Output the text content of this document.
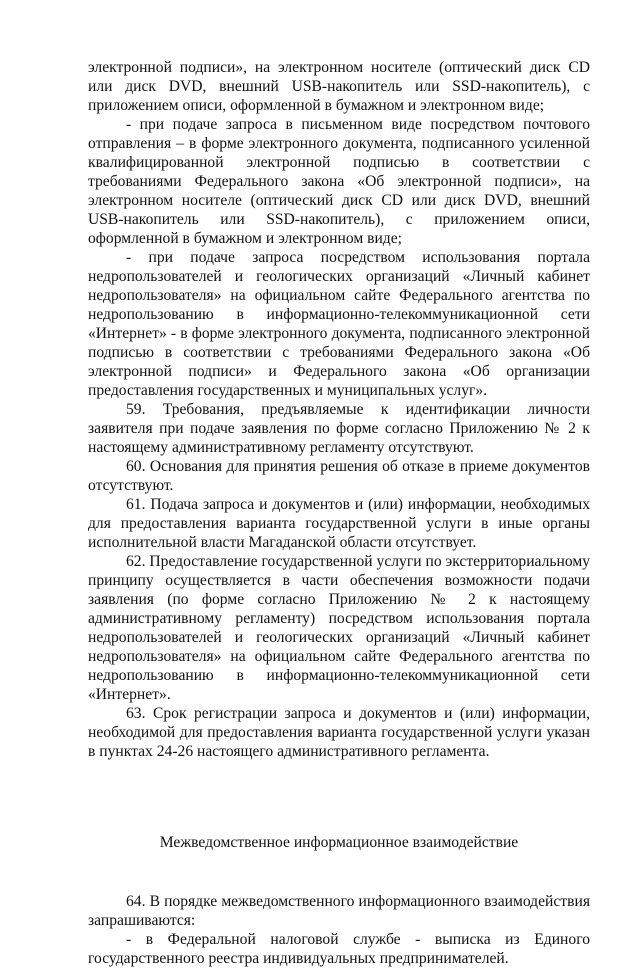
электронной подписи», на электронном носителе (оптический диск CD или диск DVD, внешний USB-накопитель или SSD-накопитель), с приложением описи, оформленной в бумажном и электронном виде;

- при подаче запроса в письменном виде посредством почтового отправления – в форме электронного документа, подписанного усиленной квалифицированной электронной подписью в соответствии с требованиями Федерального закона «Об электронной подписи», на электронном носителе (оптический диск CD или диск DVD, внешний USB-накопитель или SSD-накопитель), с приложением описи, оформленной в бумажном и электронном виде;

- при подаче запроса посредством использования портала недропользователей и геологических организаций «Личный кабинет недропользователя» на официальном сайте Федерального агентства по недропользованию в информационно-телекоммуникационной сети «Интернет» - в форме электронного документа, подписанного электронной подписью в соответствии с требованиями Федерального закона «Об электронной подписи» и Федерального закона «Об организации предоставления государственных и муниципальных услуг».

59. Требования, предъявляемые к идентификации личности заявителя при подаче заявления по форме согласно Приложению № 2 к настоящему административному регламенту отсутствуют.

60. Основания для принятия решения об отказе в приеме документов отсутствуют.

61. Подача запроса и документов и (или) информации, необходимых для предоставления варианта государственной услуги в иные органы исполнительной власти Магаданской области отсутствует.

62. Предоставление государственной услуги по экстерриториальному принципу осуществляется в части обеспечения возможности подачи заявления (по форме согласно Приложению № 2 к настоящему административному регламенту) посредством использования портала недропользователей и геологических организаций «Личный кабинет недропользователя» на официальном сайте Федерального агентства по недропользованию в информационно-телекоммуникационной сети «Интернет».

63. Срок регистрации запроса и документов и (или) информации, необходимой для предоставления варианта государственной услуги указан в пунктах 24-26 настоящего административного регламента.

Межведомственное информационное взаимодействие

64. В порядке межведомственного информационного взаимодействия запрашиваются:

- в Федеральной налоговой службе - выписка из Единого государственного реестра индивидуальных предпринимателей.
